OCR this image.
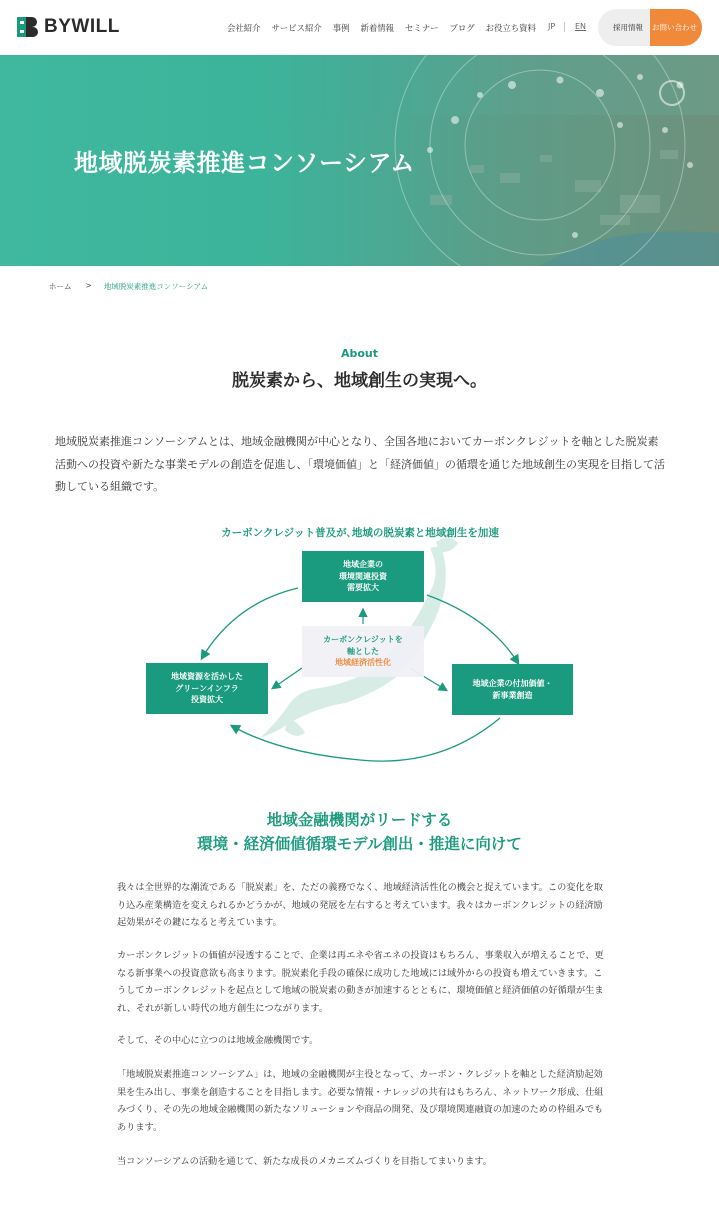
BYWILL	会社紹介 サービス紹介 事例 新着情報 セミナー ブログ お役立ち資料 JP EN	採用情報	お問い合わせ
地域脱炭素推進コンソーシアム
ホーム > 地域脱炭素推進コンソーシアム
About
脱炭素から、地域創生の実現へ。

地域脱炭素推進コンソーシアムとは、地域金融機関が中心となり、全国各地においてカーボンクレジットを軸とした脱炭素活動への投資や新たな事業モデルの創造を促進し、「環境価値」と「経済価値」の循環を通じた地域創生の実現を目指して活動している組織です。

カーボンクレジット普及が､地域の脱炭素と地域創生を加速
地域企業の
環境関連投資
需要拡大
カーボンクレジットを
軸とした
地域経済活性化
地域資源を活かした
グリーンインフラ
投資拡大
地域企業の付加価値・
新事業創造
地域金融機関がリードする
環境・経済価値循環モデル創出・推進に向けて

我々は全世界的な潮流である「脱炭素」を、ただの義務でなく、地域経済活性化の機会と捉えています。この変化を取り込み産業構造を変えられるかどうかが、地域の発展を左右すると考えています。我々はカーボンクレジットの経済励起効果がその鍵になると考えています。

カーボンクレジットの価値が浸透することで、企業は再エネや省エネの投資はもちろん、事業収入が増えることで、更なる新事業への投資意欲も高まります。脱炭素化手段の確保に成功した地域には域外からの投資も増えていきます。こうしてカーボンクレジットを起点として地域の脱炭素の動きが加速するとともに、環境価値と経済価値の好循環が生まれ、それが新しい時代の地方創生につながります。

そして、その中心に立つのは地域金融機関です。

「地域脱炭素推進コンソーシアム」は、地域の金融機関が主役となって、カーボン・クレジットを軸とした経済励起効果を生み出し、事業を創造することを目指します。必要な情報・ナレッジの共有はもちろん、ネットワーク形成、仕組みづくり、その先の地域金融機関の新たなソリューションや商品の開発、及び環境関連融資の加速のための枠組みでもあります。

当コンソーシアムの活動を通じて、新たな成長のメカニズムづくりを目指してまいります。
